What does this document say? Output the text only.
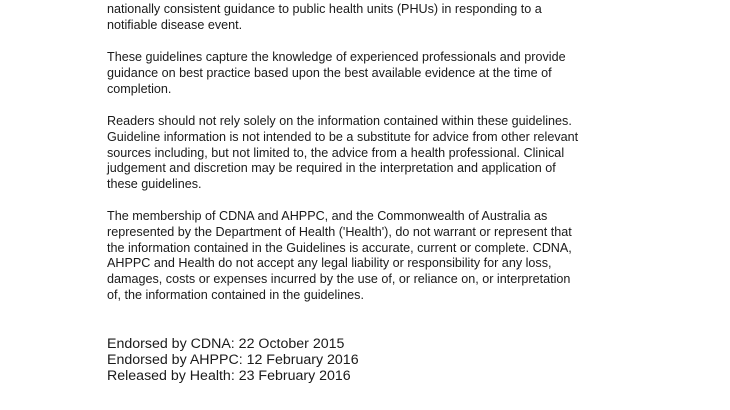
nationally consistent guidance to public health units (PHUs) in responding to a
notifiable disease event.
These guidelines capture the knowledge of experienced professionals and provide
guidance on best practice based upon the best available evidence at the time of
completion.
Readers should not rely solely on the information contained within these guidelines.
Guideline information is not intended to be a substitute for advice from other relevant
sources including, but not limited to, the advice from a health professional. Clinical
judgement and discretion may be required in the interpretation and application of
these guidelines.
The membership of CDNA and AHPPC, and the Commonwealth of Australia as
represented by the Department of Health ('Health'), do not warrant or represent that
the information contained in the Guidelines is accurate, current or complete. CDNA,
AHPPC and Health do not accept any legal liability or responsibility for any loss,
damages, costs or expenses incurred by the use of, or reliance on, or interpretation
of, the information contained in the guidelines.
Endorsed by CDNA: 22 October 2015
Endorsed by AHPPC: 12 February 2016
Released by Health: 23 February 2016
